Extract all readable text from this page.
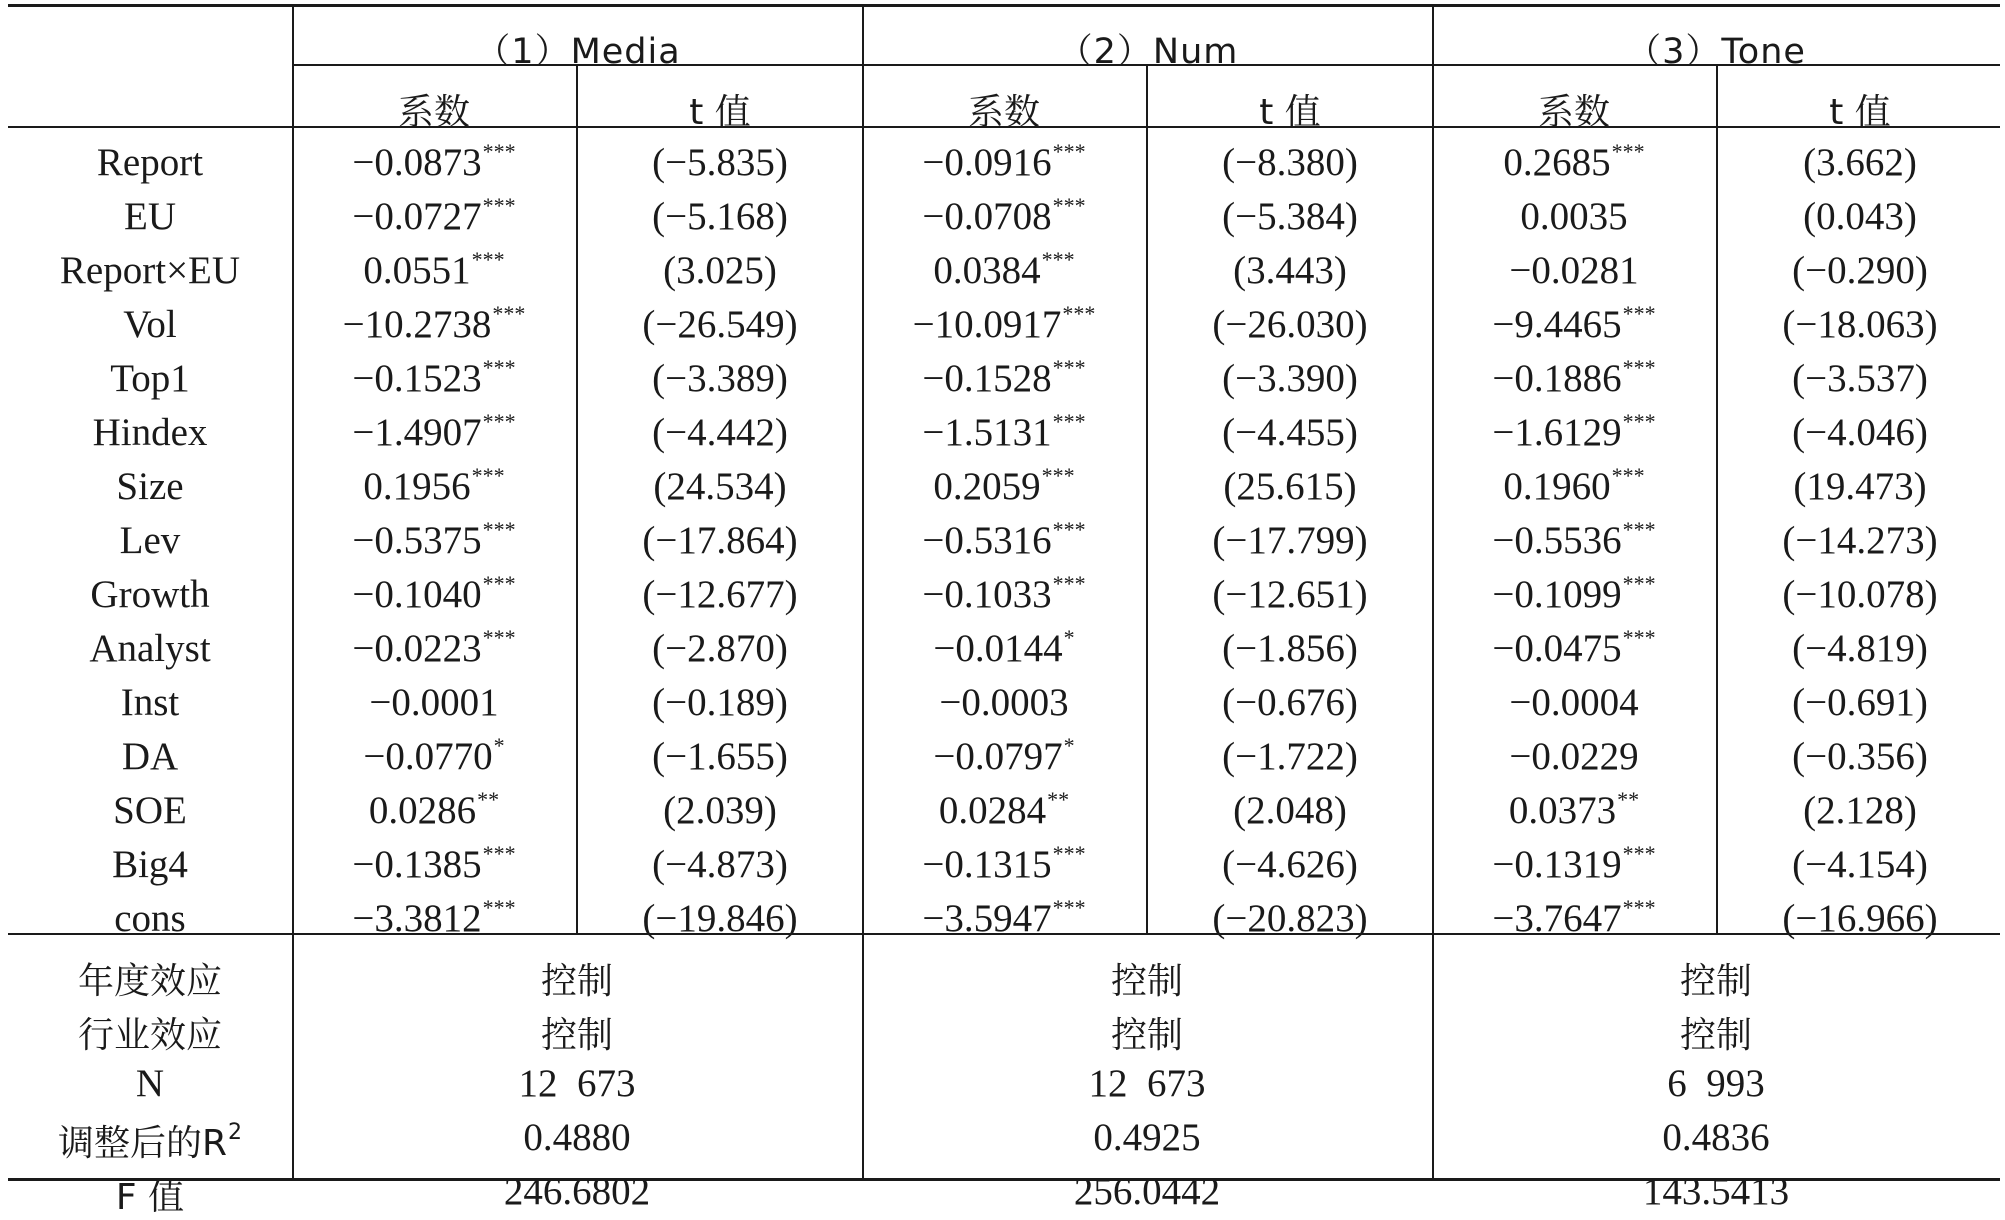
（1）Media	（2）Num	（3）Tone
系数	t 值	系数	t 值	系数	t 值
Report	−0.0873***	(−5.835)	−0.0916***	(−8.380)	0.2685***	(3.662)
EU	−0.0727***	(−5.168)	−0.0708***	(−5.384)	0.0035	(0.043)
Report×EU	0.0551***	(3.025)	0.0384***	(3.443)	−0.0281	(−0.290)
Vol	−10.2738***	(−26.549)	−10.0917***	(−26.030)	−9.4465***	(−18.063)
Top1	−0.1523***	(−3.389)	−0.1528***	(−3.390)	−0.1886***	(−3.537)
Hindex	−1.4907***	(−4.442)	−1.5131***	(−4.455)	−1.6129***	(−4.046)
Size	0.1956***	(24.534)	0.2059***	(25.615)	0.1960***	(19.473)
Lev	−0.5375***	(−17.864)	−0.5316***	(−17.799)	−0.5536***	(−14.273)
Growth	−0.1040***	(−12.677)	−0.1033***	(−12.651)	−0.1099***	(−10.078)
Analyst	−0.0223***	(−2.870)	−0.0144*	(−1.856)	−0.0475***	(−4.819)
Inst	−0.0001	(−0.189)	−0.0003	(−0.676)	−0.0004	(−0.691)
DA	−0.0770*	(−1.655)	−0.0797*	(−1.722)	−0.0229	(−0.356)
SOE	0.0286**	(2.039)	0.0284**	(2.048)	0.0373**	(2.128)
Big4	−0.1385***	(−4.873)	−0.1315***	(−4.626)	−0.1319***	(−4.154)
cons	−3.3812***	(−19.846)	−3.5947***	(−20.823)	−3.7647***	(−16.966)
年度效应	控制	控制	控制
行业效应	控制	控制	控制
N	12  673	12  673	6  993
调整后的$R^2$	0.4880	0.4925	0.4836
F 值	246.6802	256.0442	143.5413
